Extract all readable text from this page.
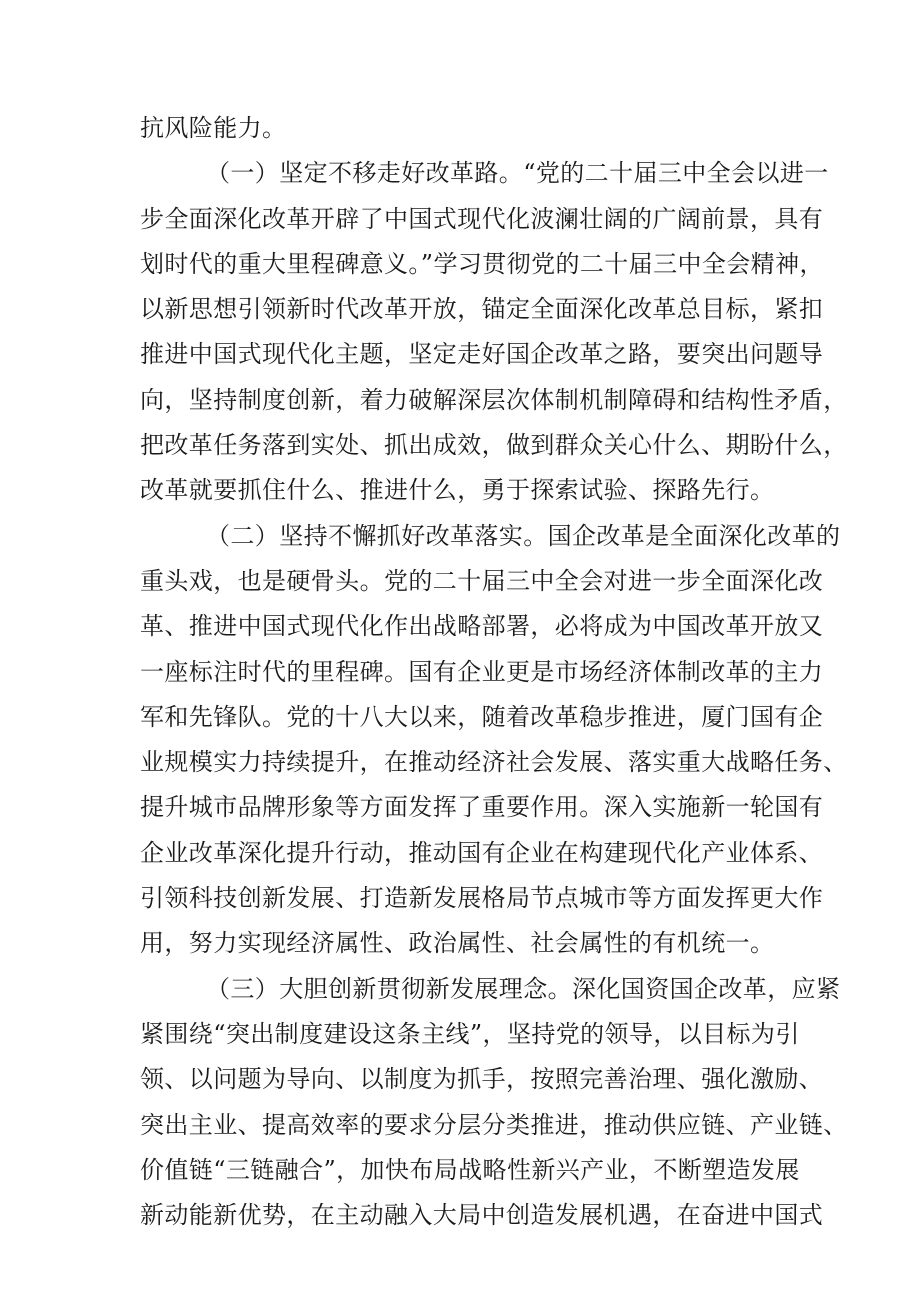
抗风险能力。
（一）坚定不移走好改革路。“党的二十届三中全会以进一
步全面深化改革开辟了中国式现代化波澜壮阔的广阔前景，具有
划时代的重大里程碑意义。”学习贯彻党的二十届三中全会精神，
以新思想引领新时代改革开放，锚定全面深化改革总目标，紧扣
推进中国式现代化主题，坚定走好国企改革之路，要突出问题导
向，坚持制度创新，着力破解深层次体制机制障碍和结构性矛盾，
把改革任务落到实处、抓出成效，做到群众关心什么、期盼什么，
改革就要抓住什么、推进什么，勇于探索试验、探路先行。
（二）坚持不懈抓好改革落实。国企改革是全面深化改革的
重头戏，也是硬骨头。党的二十届三中全会对进一步全面深化改
革、推进中国式现代化作出战略部署，必将成为中国改革开放又
一座标注时代的里程碑。国有企业更是市场经济体制改革的主力
军和先锋队。党的十八大以来，随着改革稳步推进，厦门国有企
业规模实力持续提升，在推动经济社会发展、落实重大战略任务、
提升城市品牌形象等方面发挥了重要作用。深入实施新一轮国有
企业改革深化提升行动，推动国有企业在构建现代化产业体系、
引领科技创新发展、打造新发展格局节点城市等方面发挥更大作
用，努力实现经济属性、政治属性、社会属性的有机统一。
（三）大胆创新贯彻新发展理念。深化国资国企改革，应紧
紧围绕“突出制度建设这条主线”，坚持党的领导，以目标为引
领、以问题为导向、以制度为抓手，按照完善治理、强化激励、
突出主业、提高效率的要求分层分类推进，推动供应链、产业链、
价值链“三链融合”，加快布局战略性新兴产业，不断塑造发展
新动能新优势，在主动融入大局中创造发展机遇，在奋进中国式
